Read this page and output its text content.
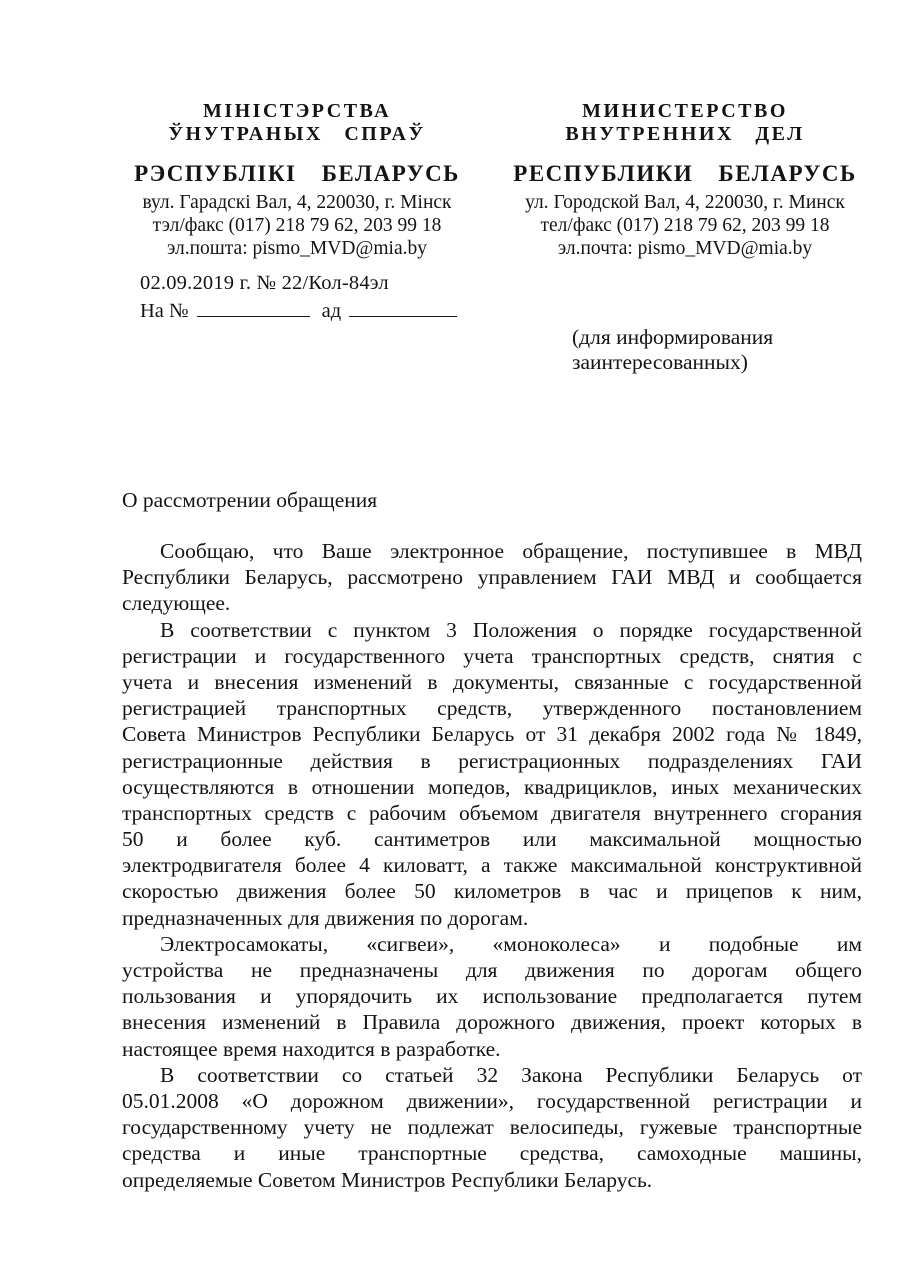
МІНІСТЭРСТВА
ЎНУТРАНЫХ СПРАЎ
РЭСПУБЛІКІ БЕЛАРУСЬ
вул. Гарадскі Вал, 4, 220030, г. Мінск
тэл/факс (017) 218 79 62, 203 99 18
эл.пошта: pismo_MVD@mia.by
МИНИСТЕРСТВО
ВНУТРЕННИХ ДЕЛ
РЕСПУБЛИКИ БЕЛАРУСЬ
ул. Городской Вал, 4, 220030, г. Минск
тел/факс (017) 218 79 62, 203 99 18
эл.почта: pismo_MVD@mia.by
02.09.2019 г. № 22/Кол-84эл
На №	ад
(для информирования
заинтересованных)
О рассмотрении обращения
Сообщаю, что Ваше электронное обращение, поступившее в МВД
Республики Беларусь, рассмотрено управлением ГАИ МВД и сообщается
следующее.
В соответствии с пунктом 3 Положения о порядке государственной
регистрации и государственного учета транспортных средств, снятия с
учета и внесения изменений в документы, связанные с государственной
регистрацией транспортных средств, утвержденного постановлением
Совета Министров Республики Беларусь от 31 декабря 2002 года № 1849,
регистрационные действия в регистрационных подразделениях ГАИ
осуществляются в отношении мопедов, квадрициклов, иных механических
транспортных средств с рабочим объемом двигателя внутреннего сгорания
50 и более куб. сантиметров или максимальной мощностью
электродвигателя более 4 киловатт, а также максимальной конструктивной
скоростью движения более 50 километров в час и прицепов к ним,
предназначенных для движения по дорогам.
Электросамокаты, «сигвеи», «моноколеса» и подобные им
устройства не предназначены для движения по дорогам общего
пользования и упорядочить их использование предполагается путем
внесения изменений в Правила дорожного движения, проект которых в
настоящее время находится в разработке.
В соответствии со статьей 32 Закона Республики Беларусь от
05.01.2008 «О дорожном движении», государственной регистрации и
государственному учету не подлежат велосипеды, гужевые транспортные
средства и иные транспортные средства, самоходные машины,
определяемые Советом Министров Республики Беларусь.
